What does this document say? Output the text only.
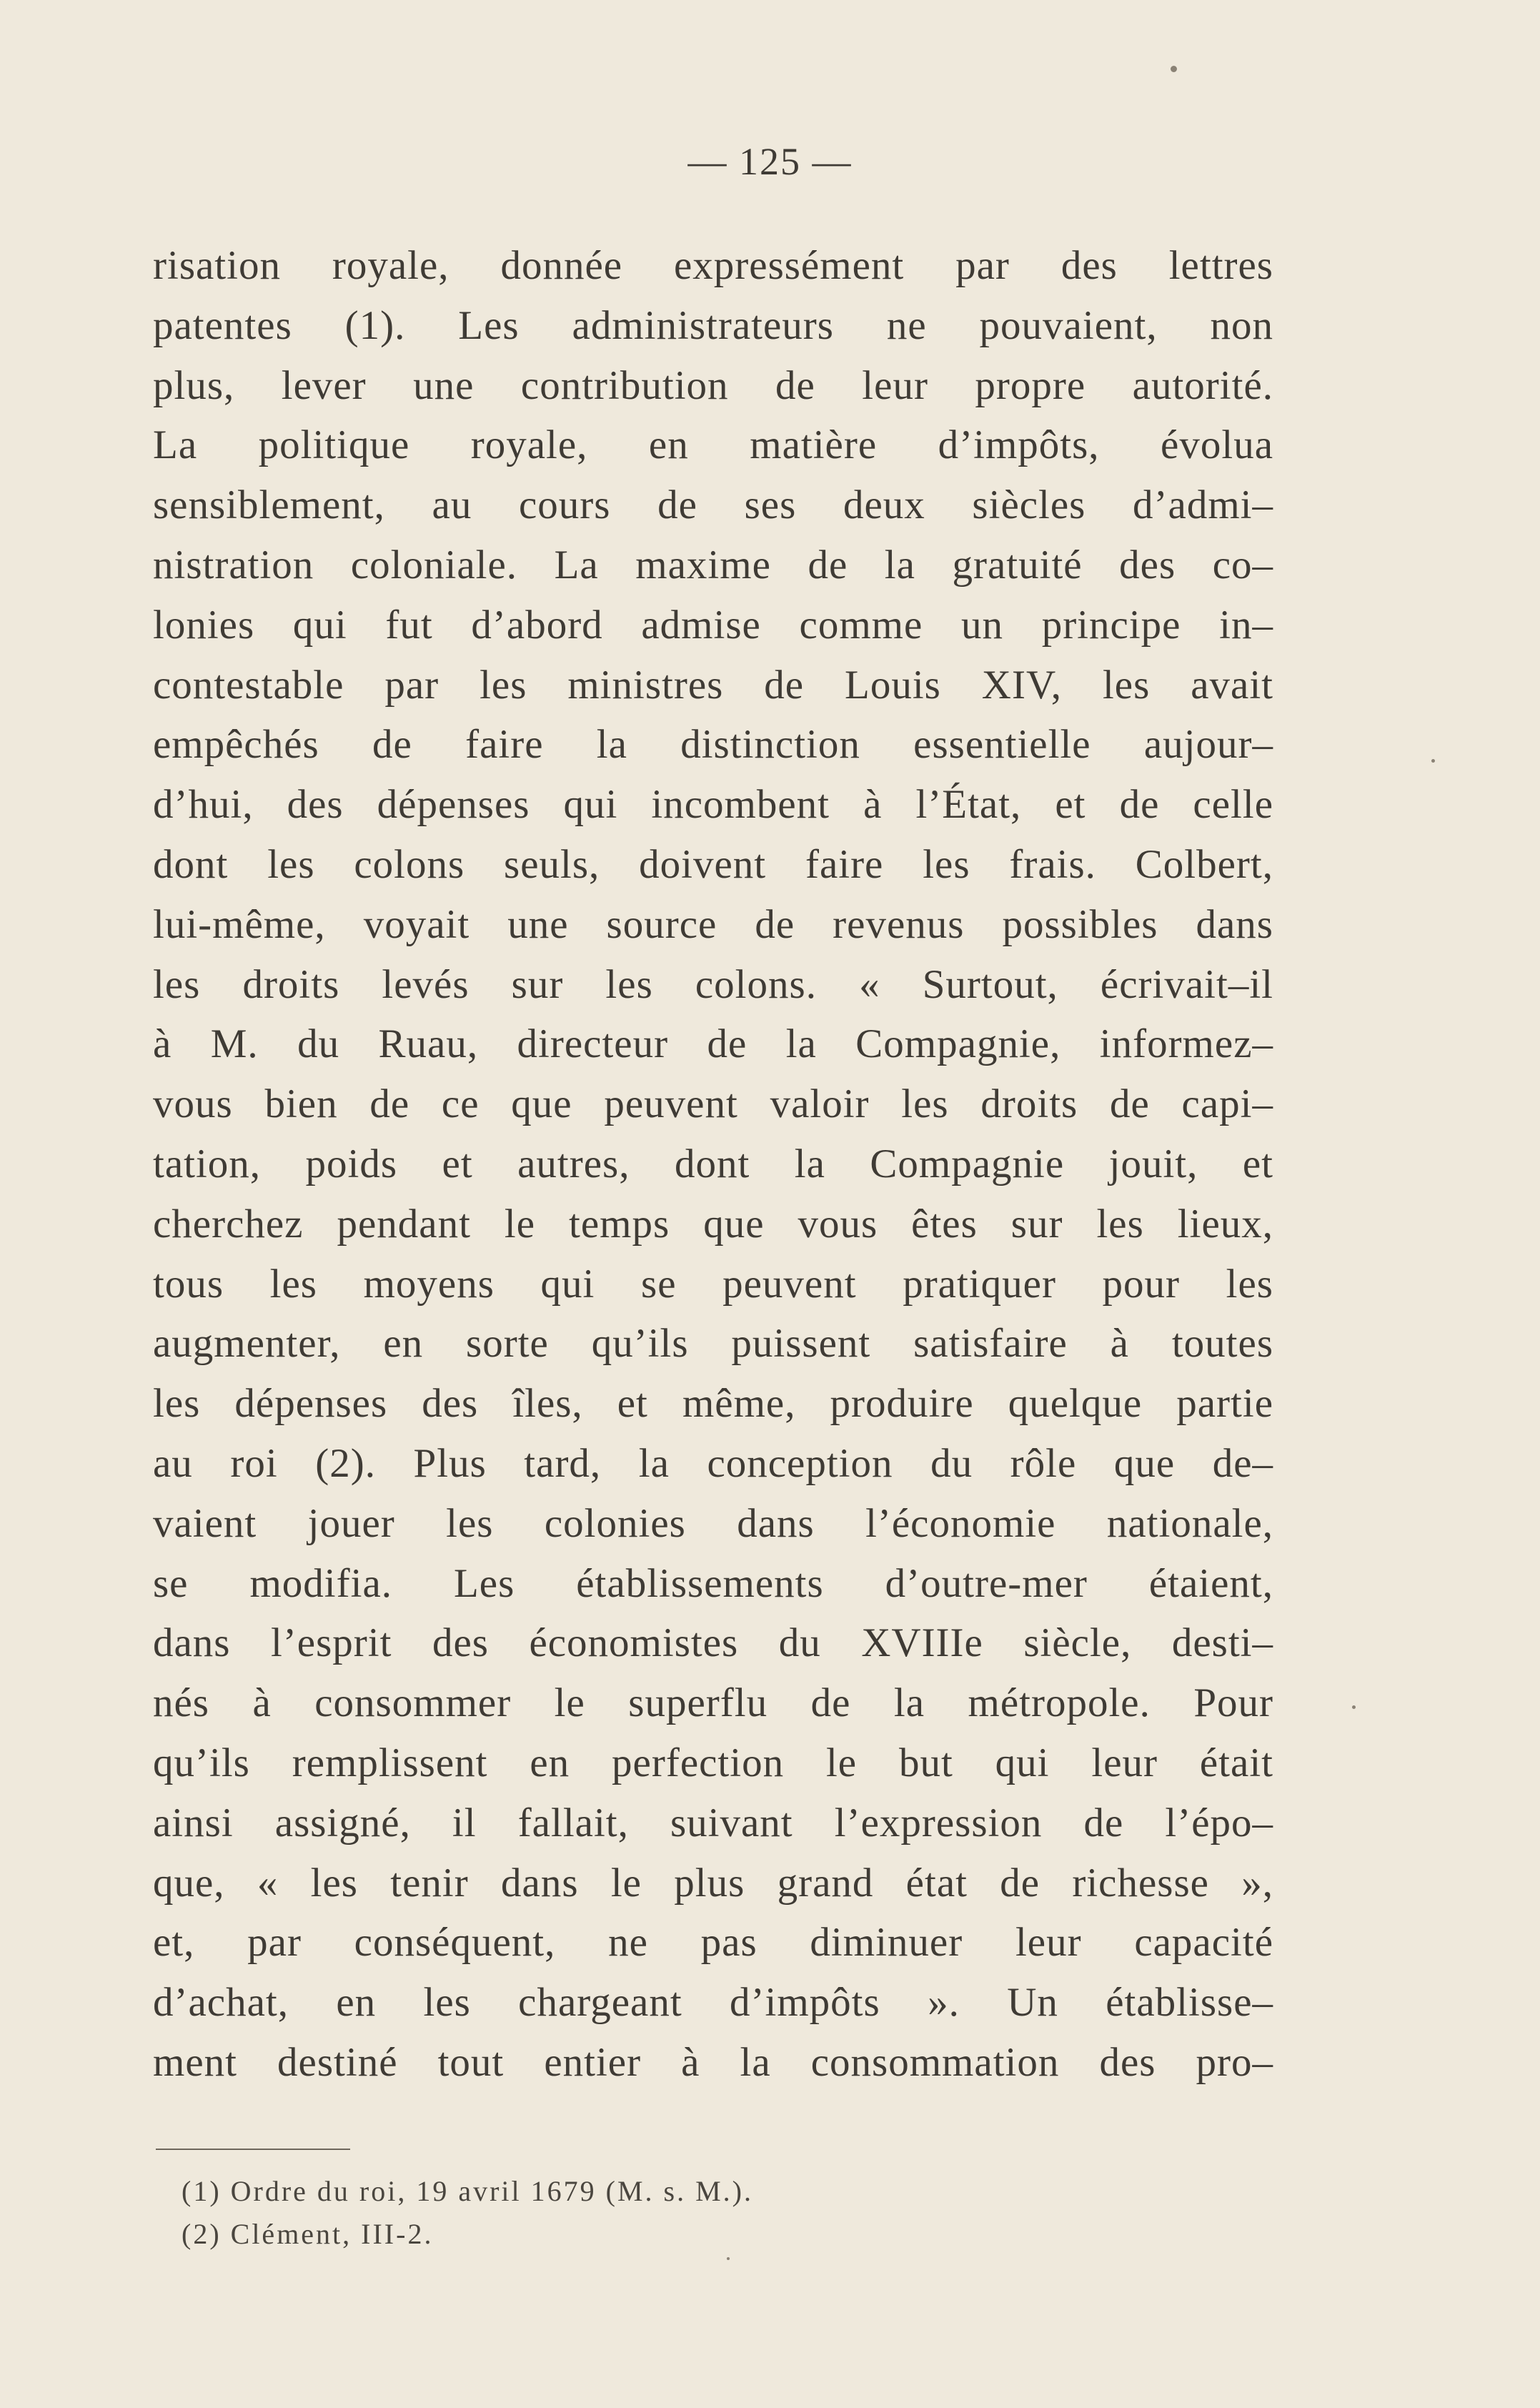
— 125 —
risation royale, donnée expressément par des lettres
patentes (1). Les administrateurs ne pouvaient, non
plus, lever une contribution de leur propre autorité.
La politique royale, en matière d’impôts, évolua
sensiblement, au cours de ses deux siècles d’admi–
nistration coloniale. La maxime de la gratuité des co–
lonies qui fut d’abord admise comme un principe in–
contestable par les ministres de Louis XIV, les avait
empêchés de faire la distinction essentielle aujour–
d’hui, des dépenses qui incombent à l’État, et de celle
dont les colons seuls, doivent faire les frais. Colbert,
lui-même, voyait une source de revenus possibles dans
les droits levés sur les colons. « Surtout, écrivait–il
à M. du Ruau, directeur de la Compagnie, informez–
vous bien de ce que peuvent valoir les droits de capi–
tation, poids et autres, dont la Compagnie jouit, et
cherchez pendant le temps que vous êtes sur les lieux,
tous les moyens qui se peuvent pratiquer pour les
augmenter, en sorte qu’ils puissent satisfaire à toutes
les dépenses des îles, et même, produire quelque partie
au roi (2). Plus tard, la conception du rôle que de–
vaient jouer les colonies dans l’économie nationale,
se modifia. Les établissements d’outre-mer étaient,
dans l’esprit des économistes du XVIIIe siècle, desti–
nés à consommer le superflu de la métropole. Pour
qu’ils remplissent en perfection le but qui leur était
ainsi assigné, il fallait, suivant l’expression de l’épo–
que, « les tenir dans le plus grand état de richesse »,
et, par conséquent, ne pas diminuer leur capacité
d’achat, en les chargeant d’impôts ». Un établisse–
ment destiné tout entier à la consommation des pro–
(1) Ordre du roi, 19 avril 1679 (M. s. M.).
(2) Clément, III-2.
